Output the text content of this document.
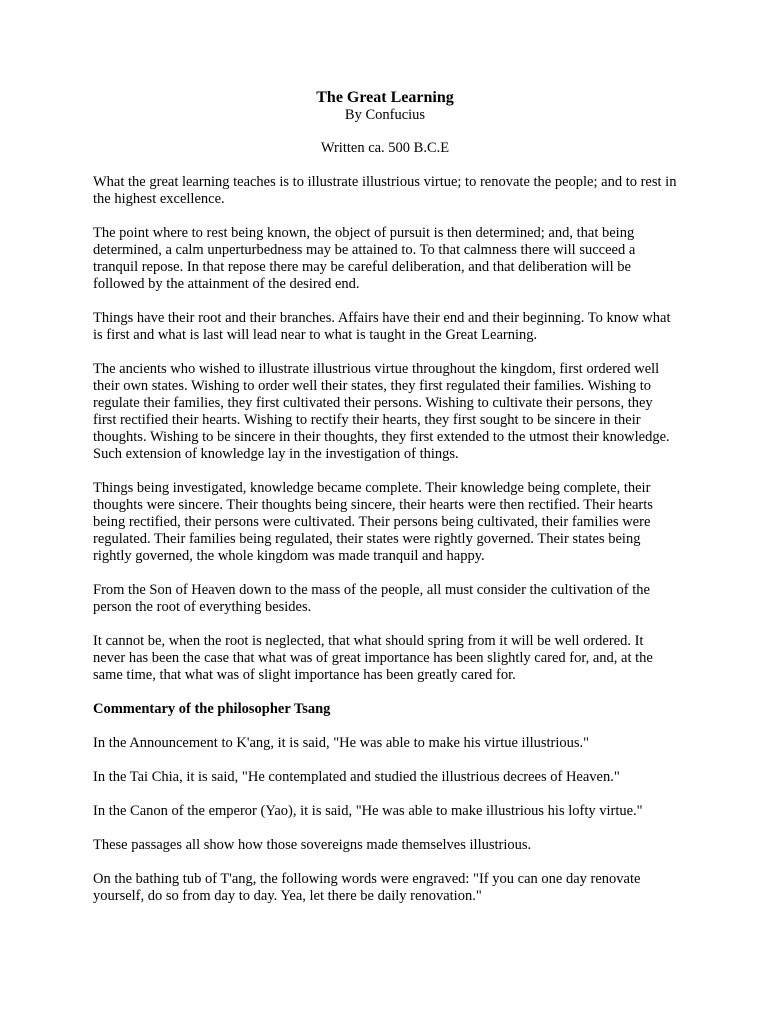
The Great Learning

By Confucius

Written ca. 500 B.C.E

What the great learning teaches is to illustrate illustrious virtue; to renovate the people; and to rest in the highest excellence.

The point where to rest being known, the object of pursuit is then determined; and, that being determined, a calm unperturbedness may be attained to. To that calmness there will succeed a tranquil repose. In that repose there may be careful deliberation, and that deliberation will be followed by the attainment of the desired end.

Things have their root and their branches. Affairs have their end and their beginning. To know what is first and what is last will lead near to what is taught in the Great Learning.

The ancients who wished to illustrate illustrious virtue throughout the kingdom, first ordered well their own states. Wishing to order well their states, they first regulated their families. Wishing to regulate their families, they first cultivated their persons. Wishing to cultivate their persons, they first rectified their hearts. Wishing to rectify their hearts, they first sought to be sincere in their thoughts. Wishing to be sincere in their thoughts, they first extended to the utmost their knowledge. Such extension of knowledge lay in the investigation of things.

Things being investigated, knowledge became complete. Their knowledge being complete, their thoughts were sincere. Their thoughts being sincere, their hearts were then rectified. Their hearts being rectified, their persons were cultivated. Their persons being cultivated, their families were regulated. Their families being regulated, their states were rightly governed. Their states being rightly governed, the whole kingdom was made tranquil and happy.

From the Son of Heaven down to the mass of the people, all must consider the cultivation of the person the root of everything besides.

It cannot be, when the root is neglected, that what should spring from it will be well ordered. It never has been the case that what was of great importance has been slightly cared for, and, at the same time, that what was of slight importance has been greatly cared for.

Commentary of the philosopher Tsang

In the Announcement to K'ang, it is said, "He was able to make his virtue illustrious."

In the Tai Chia, it is said, "He contemplated and studied the illustrious decrees of Heaven."

In the Canon of the emperor (Yao), it is said, "He was able to make illustrious his lofty virtue."

These passages all show how those sovereigns made themselves illustrious.

On the bathing tub of T'ang, the following words were engraved: "If you can one day renovate yourself, do so from day to day. Yea, let there be daily renovation."
